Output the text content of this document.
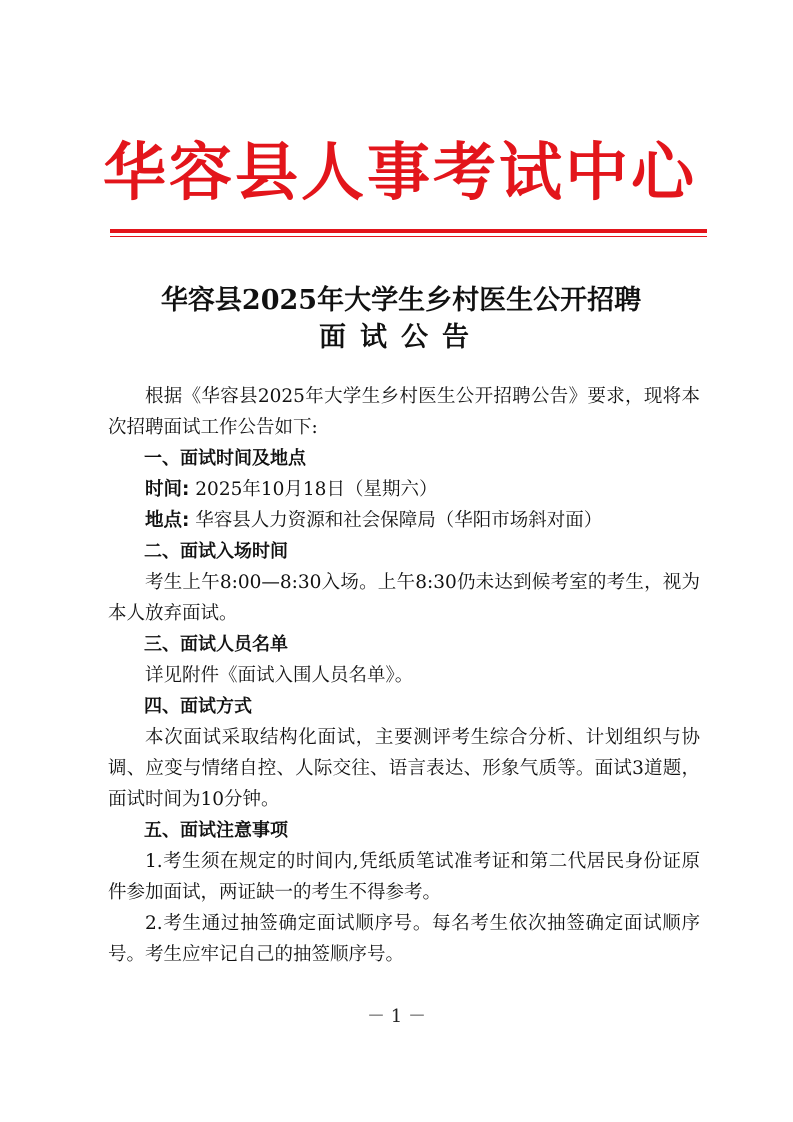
华容县人事考试中心
华容县2025年大学生乡村医生公开招聘
面试公告

根据《华容县2025年大学生乡村医生公开招聘公告》要求，现将本次招聘面试工作公告如下:

一、面试时间及地点

时间: 2025年10月18日（星期六）

地点: 华容县人力资源和社会保障局（华阳市场斜对面）

二、面试入场时间

考生上午8:00—8:30入场。上午8:30仍未达到候考室的考生，视为本人放弃面试。

三、面试人员名单

详见附件《面试入围人员名单》。

四、面试方式

本次面试采取结构化面试，主要测评考生综合分析、计划组织与协调、应变与情绪自控、人际交往、语言表达、形象气质等。面试3道题，面试时间为10分钟。

五、面试注意事项

1.考生须在规定的时间内,凭纸质笔试准考证和第二代居民身份证原件参加面试，两证缺一的考生不得参考。

2.考生通过抽签确定面试顺序号。每名考生依次抽签确定面试顺序号。考生应牢记自己的抽签顺序号。

－ 1 －
